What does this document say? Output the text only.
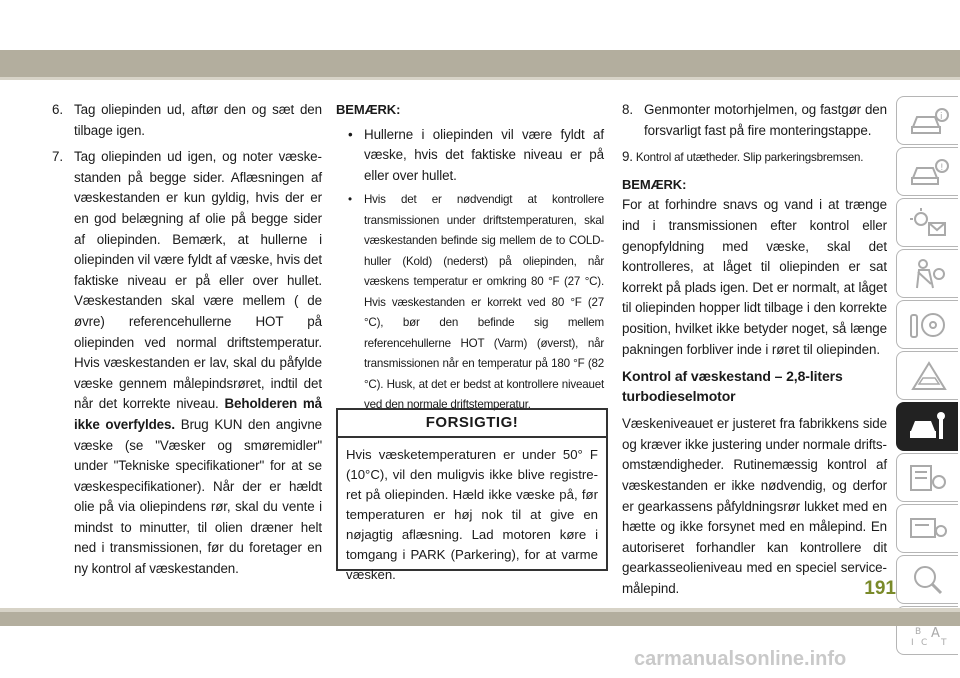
6. Tag oliepinden ud, aftør den og sæt den tilbage igen.
7. Tag oliepinden ud igen, og noter væskestanden på begge sider. Aflæsningen af væskestanden er kun gyldig, hvis der er en god belægning af olie på begge sider af oliepinden. Bemærk, at hullerne i oliepinden vil være fyldt af væske, hvis det faktiske niveau er på eller over hullet. Væskestanden skal være mellem ( de øvre) referencehullerne HOT på oliepinden ved normal driftstemperatur. Hvis væskestanden er lav, skal du påfylde væske gennem målepindsrøret, indtil det når det korrekte niveau. Beholderen må ikke overfyldes. Brug KUN den angivne væske (se "Væsker og smøremidler" under "Tekniske specifikationer" for at se væskespecifikationer). Når der er hældt olie på via oliepindens rør, skal du vente i mindst to minutter, til olien dræner helt ned i transmissionen, før du foretager en ny kontrol af væskestanden.
BEMÆRK:
• Hullerne i oliepinden vil være fyldt af væske, hvis det faktiske niveau er på eller over hullet.
• Hvis det er nødvendigt at kontrollere transmissionen under driftstemperaturen, skal væskestanden befinde sig mellem de to COLD-huller (Kold) (nederst) på oliepinden, når væskens temperatur er omkring 80 °F (27 °C). Hvis væskestanden er korrekt ved 80 °F (27 °C), bør den befinde sig mellem referencehullerne HOT (Varm) (øverst), når transmissionen når en temperatur på 180 °F (82 °C). Husk, at det er bedst at kontrollere niveauet ved den normale driftstemperatur.
FORSIGTIG!
Hvis væsketemperaturen er under 50° F (10°C), vil den muligvis ikke blive registreret på oliepinden. Hæld ikke væske på, før temperaturen er høj nok til at give en nøjagtig aflæsning. Lad motoren køre i tomgang i PARK (Parkering), for at varme væsken.
8. Genmonter motorhjelmen, og fastgør den forsvarligt fast på fire monteringstappe.
9. Kontrol af utætheder. Slip parkeringsbremsen.
BEMÆRK:
For at forhindre snavs og vand i at trænge ind i transmissionen efter kontrol eller genopfyldning med væske, skal det kontrolleres, at låget til oliepinden er sat korrekt på plads igen. Det er normalt, at låget til oliepinden hopper lidt tilbage i den korrekte position, hvilket ikke betyder noget, så længe pakningen forbliver inde i røret til oliepinden.
Kontrol af væskestand – 2,8-liters turbodieselmotor
Væskeniveauet er justeret fra fabrikkens side og kræver ikke justering under normale driftsomstændigheder. Rutinemæssig kontrol af væskestanden er ikke nødvendig, og derfor er gearkassens påfyldningsrør lukket med en hætte og ikke forsynet med en målepind. En autoriseret forhandler kan kontrollere dit gearkasseolieniveau med en speciel servicemålepind.
i
!
B A
I C T
191
carmanualsonline.info
